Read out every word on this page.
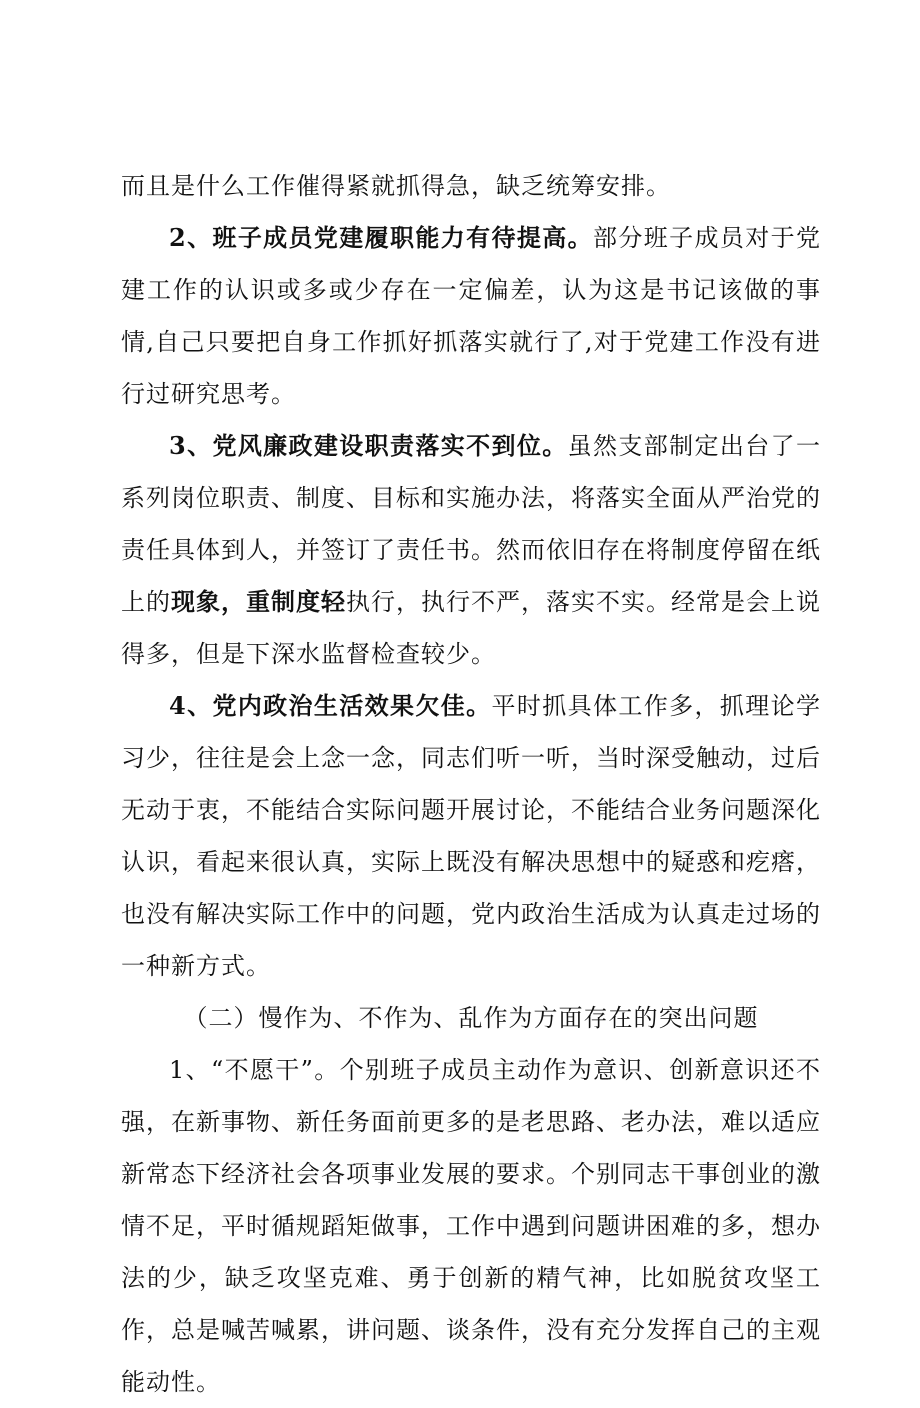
而且是什么工作催得紧就抓得急，缺乏统筹安排。

2、班子成员党建履职能力有待提高。部分班子成员对于党建工作的认识或多或少存在一定偏差，认为这是书记该做的事情,自己只要把自身工作抓好抓落实就行了,对于党建工作没有进行过研究思考。

3、党风廉政建设职责落实不到位。虽然支部制定出台了一系列岗位职责、制度、目标和实施办法，将落实全面从严治党的责任具体到人，并签订了责任书。然而依旧存在将制度停留在纸上的现象，重制度轻执行，执行不严，落实不实。经常是会上说得多，但是下深水监督检查较少。

4、党内政治生活效果欠佳。平时抓具体工作多，抓理论学习少，往往是会上念一念，同志们听一听，当时深受触动，过后无动于衷，不能结合实际问题开展讨论，不能结合业务问题深化认识，看起来很认真，实际上既没有解决思想中的疑惑和疙瘩，也没有解决实际工作中的问题，党内政治生活成为认真走过场的一种新方式。

（二）慢作为、不作为、乱作为方面存在的突出问题

1、“不愿干”。个别班子成员主动作为意识、创新意识还不强，在新事物、新任务面前更多的是老思路、老办法，难以适应新常态下经济社会各项事业发展的要求。个别同志干事创业的激情不足，平时循规蹈矩做事，工作中遇到问题讲困难的多，想办法的少，缺乏攻坚克难、勇于创新的精气神，比如脱贫攻坚工作，总是喊苦喊累，讲问题、谈条件，没有充分发挥自己的主观能动性。
